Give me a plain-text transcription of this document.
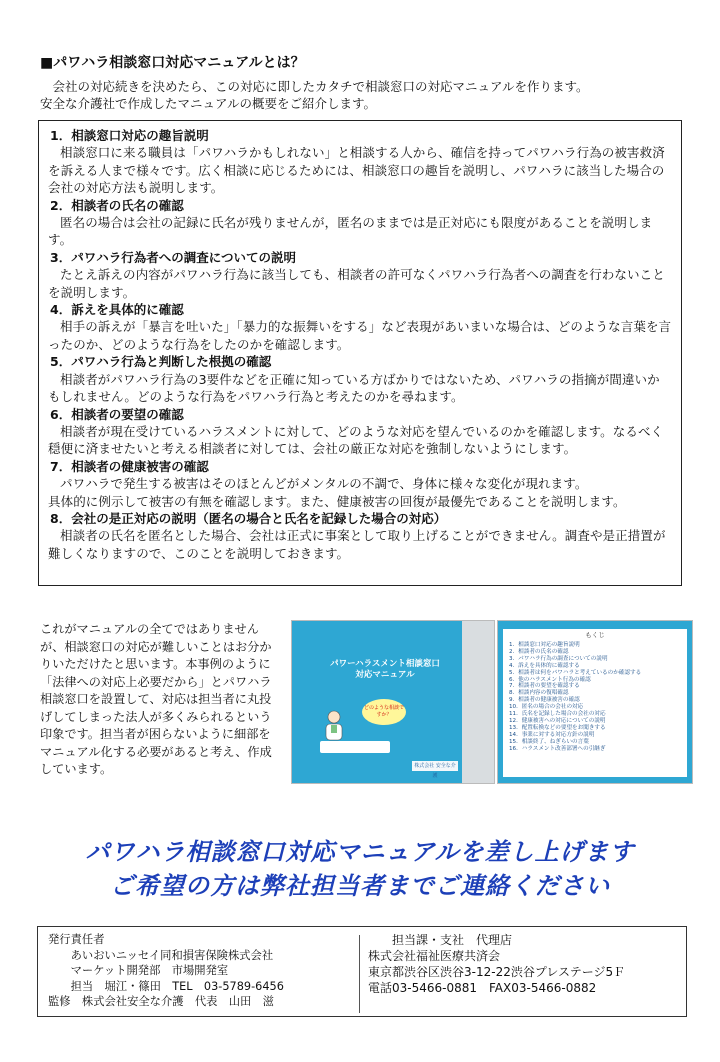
■パワハラ相談窓口対応マニュアルとは？

　会社の対応続きを決めたら、この対応に即したカタチで相談窓口の対応マニュアルを作ります。

安全な介護社で作成したマニュアルの概要をご紹介します。

1．相談窓口対応の趣旨説明
相談窓口に来る職員は「パワハラかもしれない」と相談する人から、確信を持ってパワハラ行為の被害救済を訴える人まで様々です。広く相談に応じるためには、相談窓口の趣旨を説明し、パワハラに該当した場合の会社の対応方法も説明します。
2．相談者の氏名の確認
匿名の場合は会社の記録に氏名が残りませんが，匿名のままでは是正対応にも限度があることを説明します。
3．パワハラ行為者への調査についての説明
たとえ訴えの内容がパワハラ行為に該当しても、相談者の許可なくパワハラ行為者への調査を行わないことを説明します。
4．訴えを具体的に確認
相手の訴えが「暴言を吐いた」「暴力的な振舞いをする」など表現があいまいな場合は、どのような言葉を言ったのか、どのような行為をしたのかを確認します。
5．パワハラ行為と判断した根拠の確認
相談者がパワハラ行為の3要件などを正確に知っている方ばかりではないため、パワハラの指摘が間違いかもしれません。どのような行為をパワハラ行為と考えたのかを尋ねます。
6．相談者の要望の確認
相談者が現在受けているハラスメントに対して、どのような対応を望んでいるのかを確認します。なるべく穏便に済ませたいと考える相談者に対しては、会社の厳正な対応を強制しないようにします。
7．相談者の健康被害の確認
パワハラで発生する被害はそのほとんどがメンタルの不調で、身体に様々な変化が現れます。
具体的に例示して被害の有無を確認します。また、健康被害の回復が最優先であることを説明します。
8．会社の是正対応の説明（匿名の場合と氏名を記録した場合の対応）
相談者の氏名を匿名とした場合、会社は正式に事案として取り上げることができません。調査や是正措置が難しくなりますので、このことを説明しておきます。
これがマニュアルの全てではありませんが、相談窓口の対応が難しいことはお分かりいただけたと思います。本事例のように「法律への対応上必要だから」とパワハラ相談窓口を設置して、対応は担当者に丸投げしてしまった法人が多くみられるという印象です。担当者が困らないように細部をマニュアル化する必要があると考え、作成しています。
パワーハラスメント相談窓口
対応マニュアル
どのような相談ですか？
株式会社 安全な介護
もくじ
1．相談窓口対応の趣旨説明
2．相談者の氏名の確認
3．パワハラ行為の調査についての説明
4．訴えを具体的に確認する
5．相談者は何をパワハラと考えているのか確認する
6．他のハラスメント行為の確認
7．相談者の要望を確認する
8．相談内容の復唱確認
9．相談者の健康被害の確認
10．匿名の場合の会社の対応
11．氏名を記録した場合の会社の対応
12．健康被害への対応についての説明
13．配置転換などの要望をお聞きする
14．事業に対する対応方針の説明
15．相談終了、ねぎらいの言葉
16．ハラスメント改善部署への引継ぎ
パワハラ相談窓口対応マニュアルを差し上げます
ご希望の方は弊社担当者までご連絡ください
発行責任者
　　あいおいニッセイ同和損害保険株式会社
　　マーケット開発部　市場開発室
　　担当　堀江・篠田　TEL　03-5789-6456
監修　株式会社安全な介護　代表　山田　滋
　　担当課・支社　代理店
株式会社福祉医療共済会
東京都渋谷区渋谷3-12-22渋谷プレステージ5Ｆ
電話03-5466-0881　FAX03-5466-0882
